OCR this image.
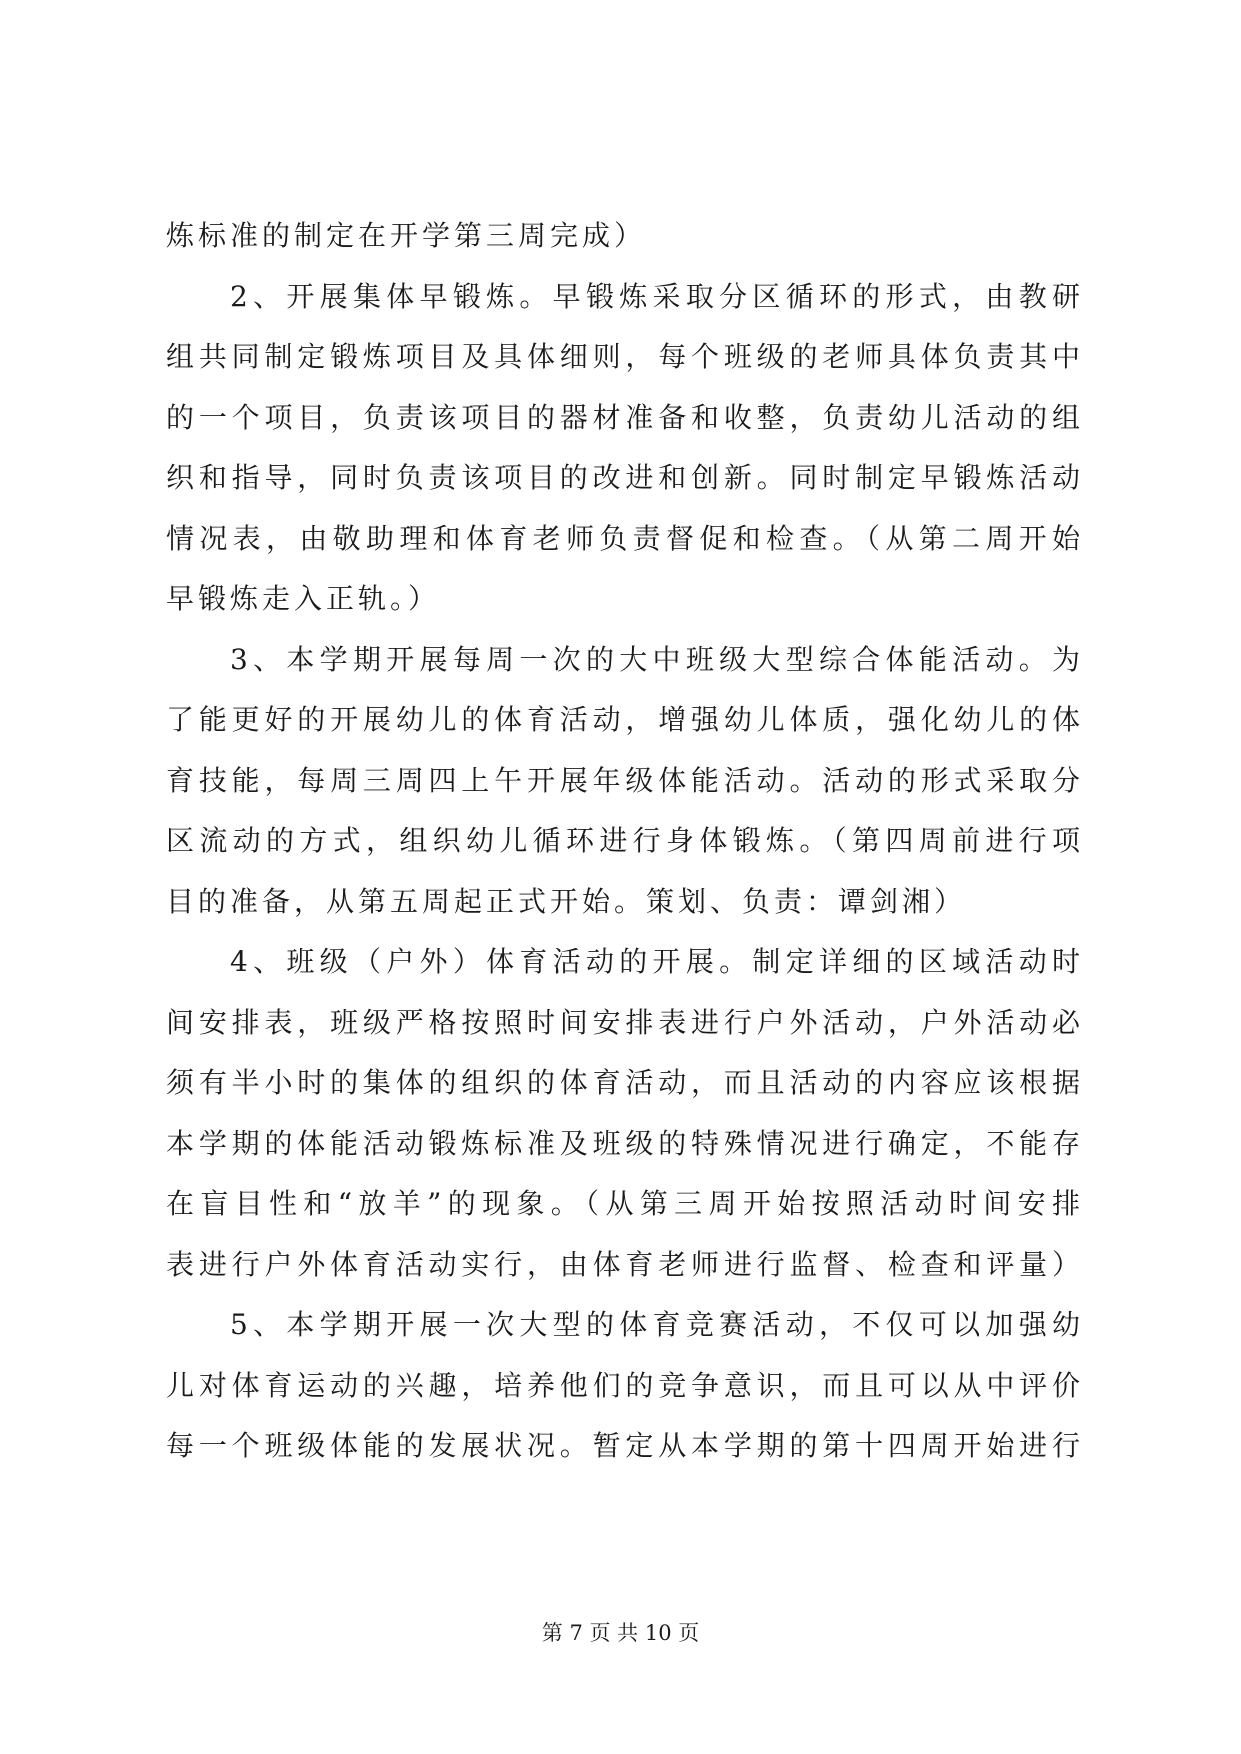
炼标准的制定在开学第三周完成）
2、开展集体早锻炼。早锻炼采取分区循环的形式，由教研
组共同制定锻炼项目及具体细则，每个班级的老师具体负责其中
的一个项目，负责该项目的器材准备和收整，负责幼儿活动的组
织和指导，同时负责该项目的改进和创新。同时制定早锻炼活动
情况表，由敬助理和体育老师负责督促和检查。（从第二周开始
早锻炼走入正轨。）
3、本学期开展每周一次的大中班级大型综合体能活动。为
了能更好的开展幼儿的体育活动，增强幼儿体质，强化幼儿的体
育技能，每周三周四上午开展年级体能活动。活动的形式采取分
区流动的方式，组织幼儿循环进行身体锻炼。（第四周前进行项
目的准备，从第五周起正式开始。策划、负责：谭剑湘）
4、班级（户外）体育活动的开展。制定详细的区域活动时
间安排表，班级严格按照时间安排表进行户外活动，户外活动必
须有半小时的集体的组织的体育活动，而且活动的内容应该根据
本学期的体能活动锻炼标准及班级的特殊情况进行确定，不能存
在盲目性和“放羊”的现象。（从第三周开始按照活动时间安排
表进行户外体育活动实行，由体育老师进行监督、检查和评量）
5、本学期开展一次大型的体育竞赛活动，不仅可以加强幼
儿对体育运动的兴趣，培养他们的竞争意识，而且可以从中评价
每一个班级体能的发展状况。暂定从本学期的第十四周开始进行
第 7 页 共 10 页
